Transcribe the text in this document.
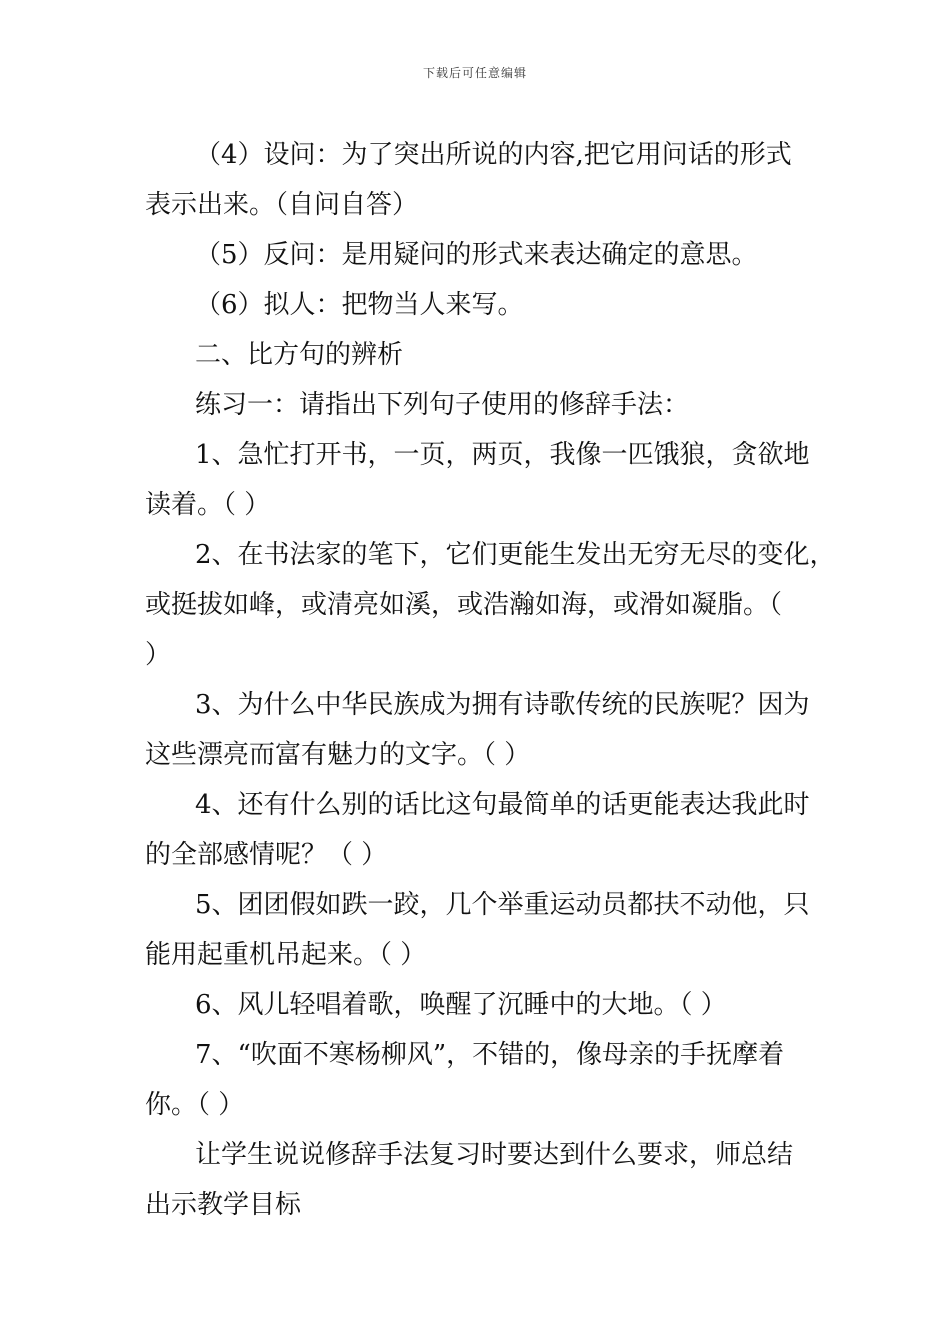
下载后可任意编辑

（4）设问：为了突出所说的内容,把它用问话的形式
表示出来。（自问自答）

（5）反问：是用疑问的形式来表达确定的意思。

（6）拟人：把物当人来写。

二、比方句的辨析

练习一：请指出下列句子使用的修辞手法：

1、急忙打开书，一页，两页，我像一匹饿狼，贪欲地
读着。（ ）

2、在书法家的笔下，它们更能生发出无穷无尽的变化，
或挺拔如峰，或清亮如溪，或浩瀚如海，或滑如凝脂。（
）

3、为什么中华民族成为拥有诗歌传统的民族呢？因为
这些漂亮而富有魅力的文字。（ ）

4、还有什么别的话比这句最简单的话更能表达我此时
的全部感情呢？（ ）

5、团团假如跌一跤，几个举重运动员都扶不动他，只
能用起重机吊起来。（ ）

6、风儿轻唱着歌，唤醒了沉睡中的大地。（ ）

7、“吹面不寒杨柳风”，不错的，像母亲的手抚摩着
你。（ ）

让学生说说修辞手法复习时要达到什么要求，师总结
出示教学目标
